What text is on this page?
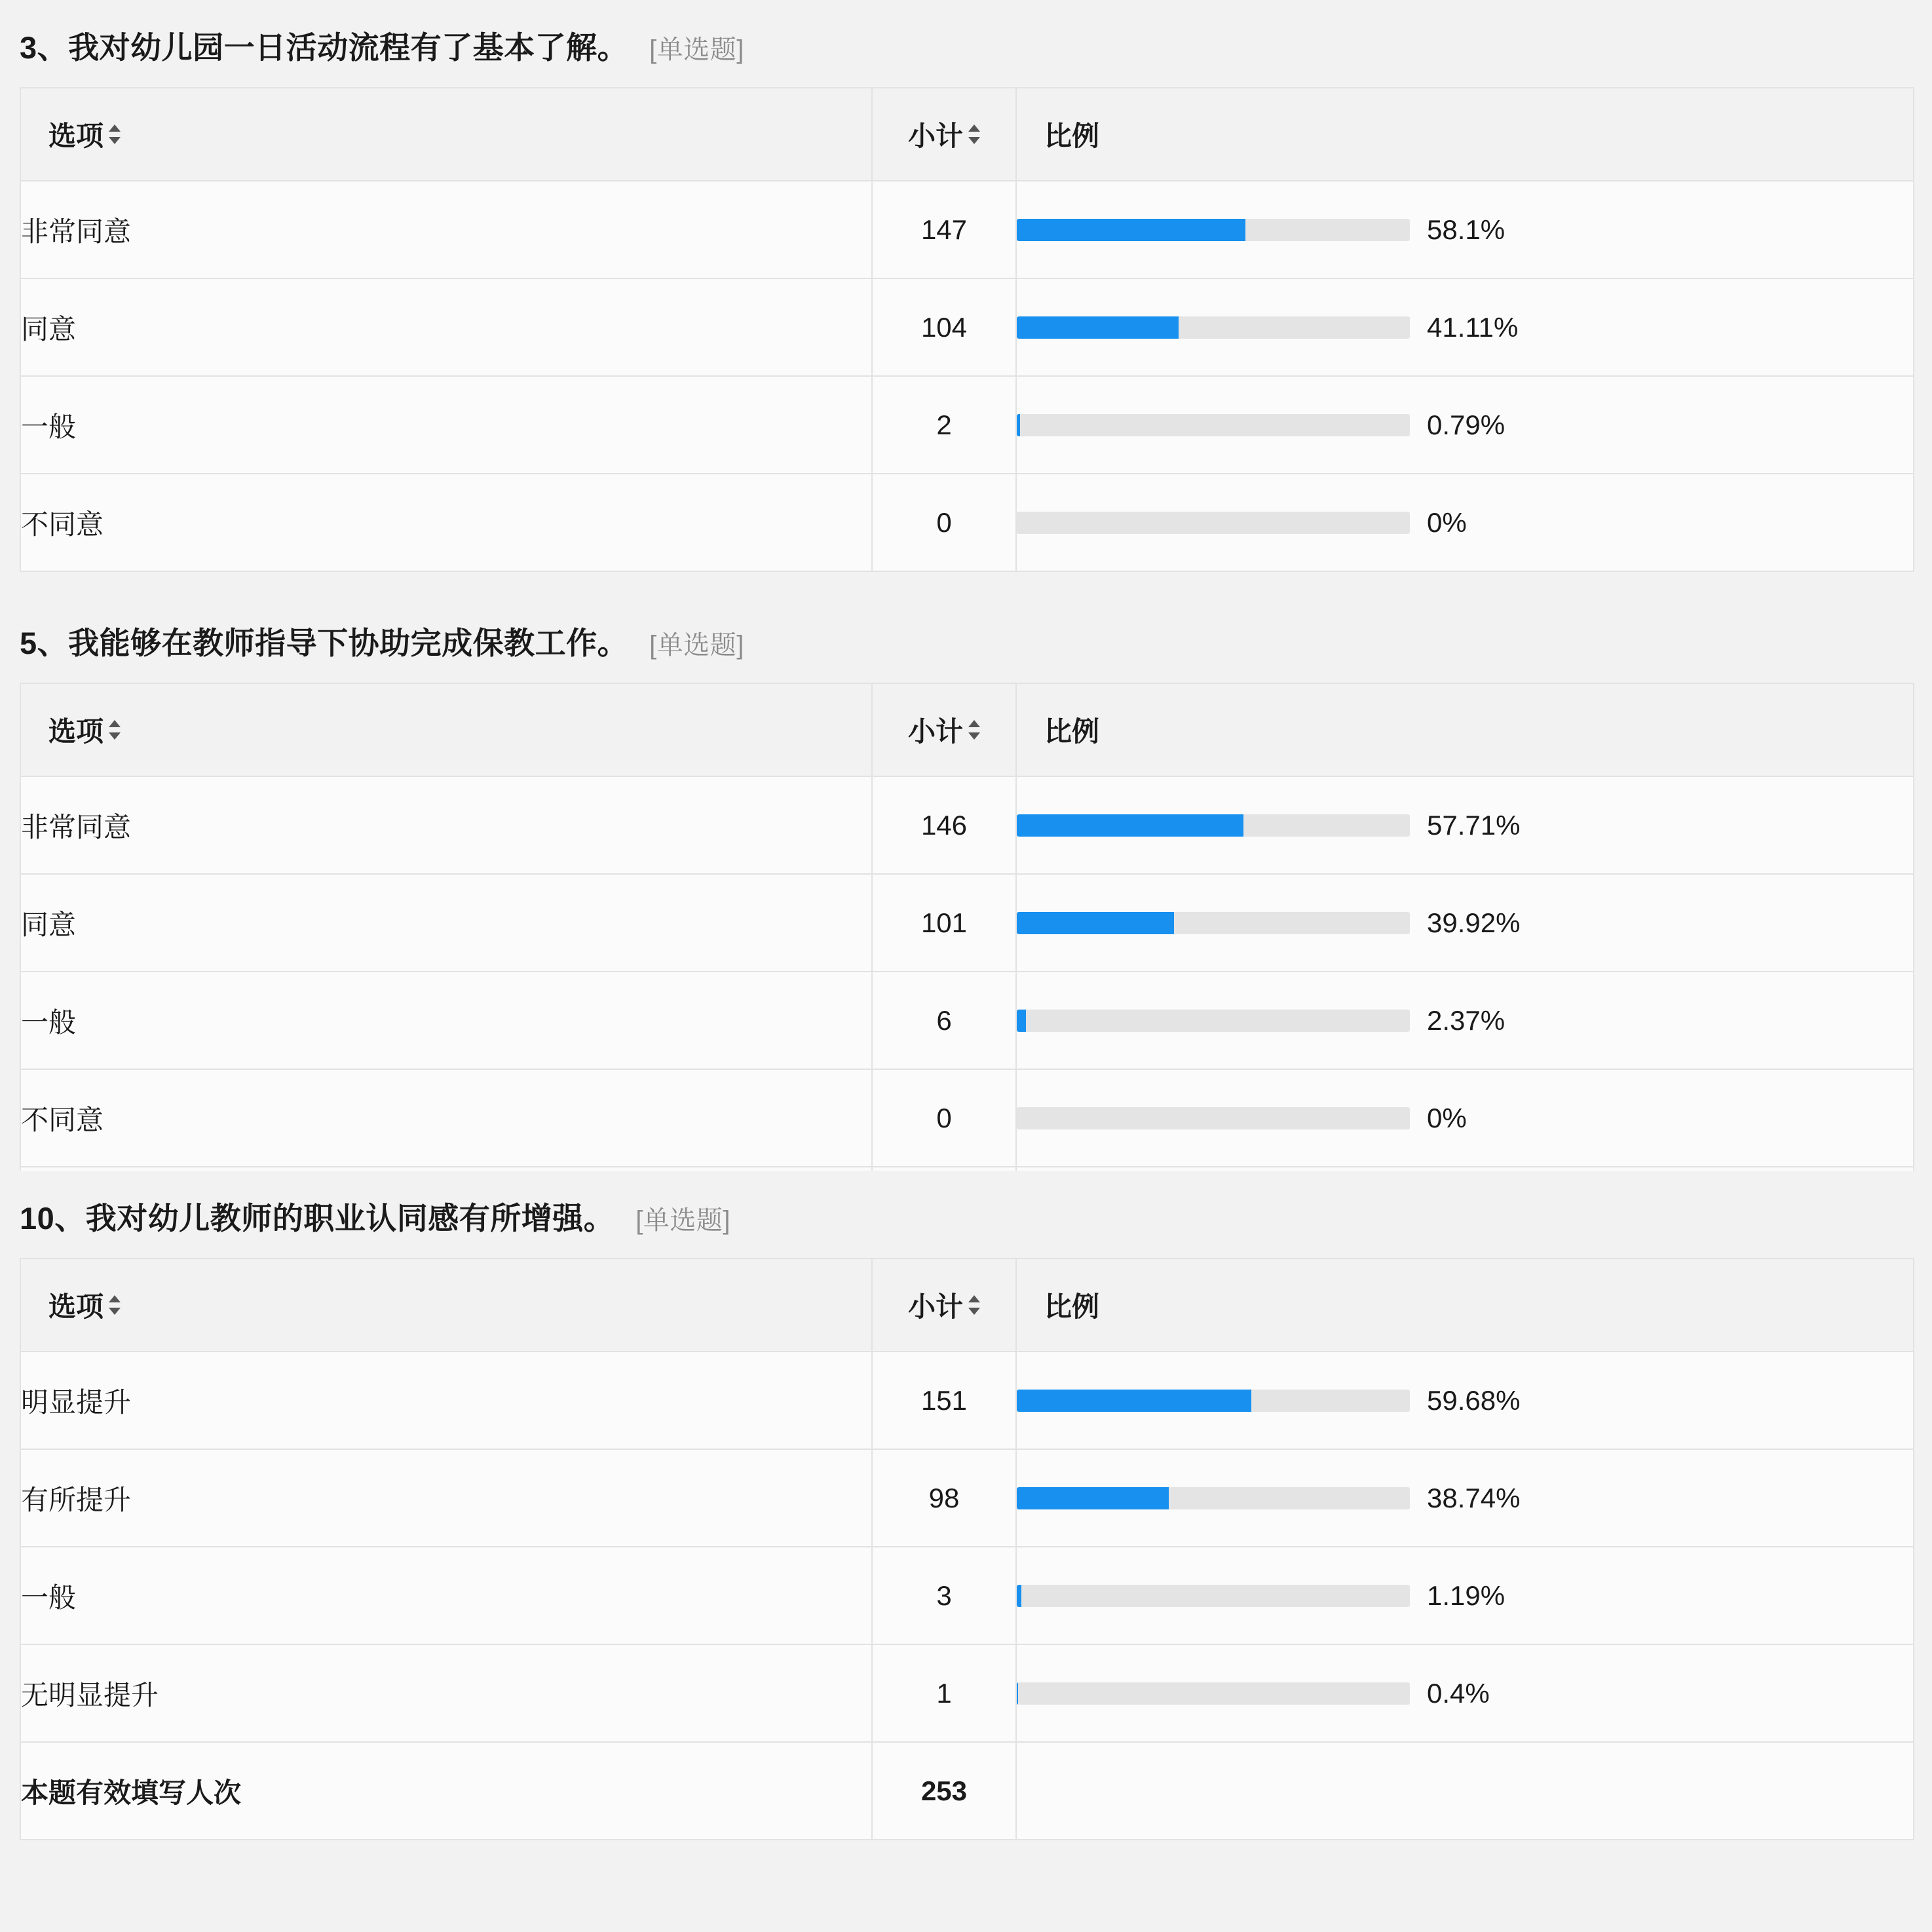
3、 我对幼儿园一日活动流程有了基本了解。 [单选题]
选项	小计	比例

非常同意	147	58.1%

同意	104	41.11%

一般	2	0.79%

不同意	0	0%

5、 我能够在教师指导下协助完成保教工作。 [单选题]
选项	小计	比例

非常同意	146	57.71%

同意	101	39.92%

一般	6	2.37%

不同意	0	0%

10、 我对幼儿教师的职业认同感有所增强。 [单选题]
选项	小计	比例

明显提升	151	59.68%

有所提升	98	38.74%

一般	3	1.19%

无明显提升	1	0.4%

本题有效填写人次	253	
